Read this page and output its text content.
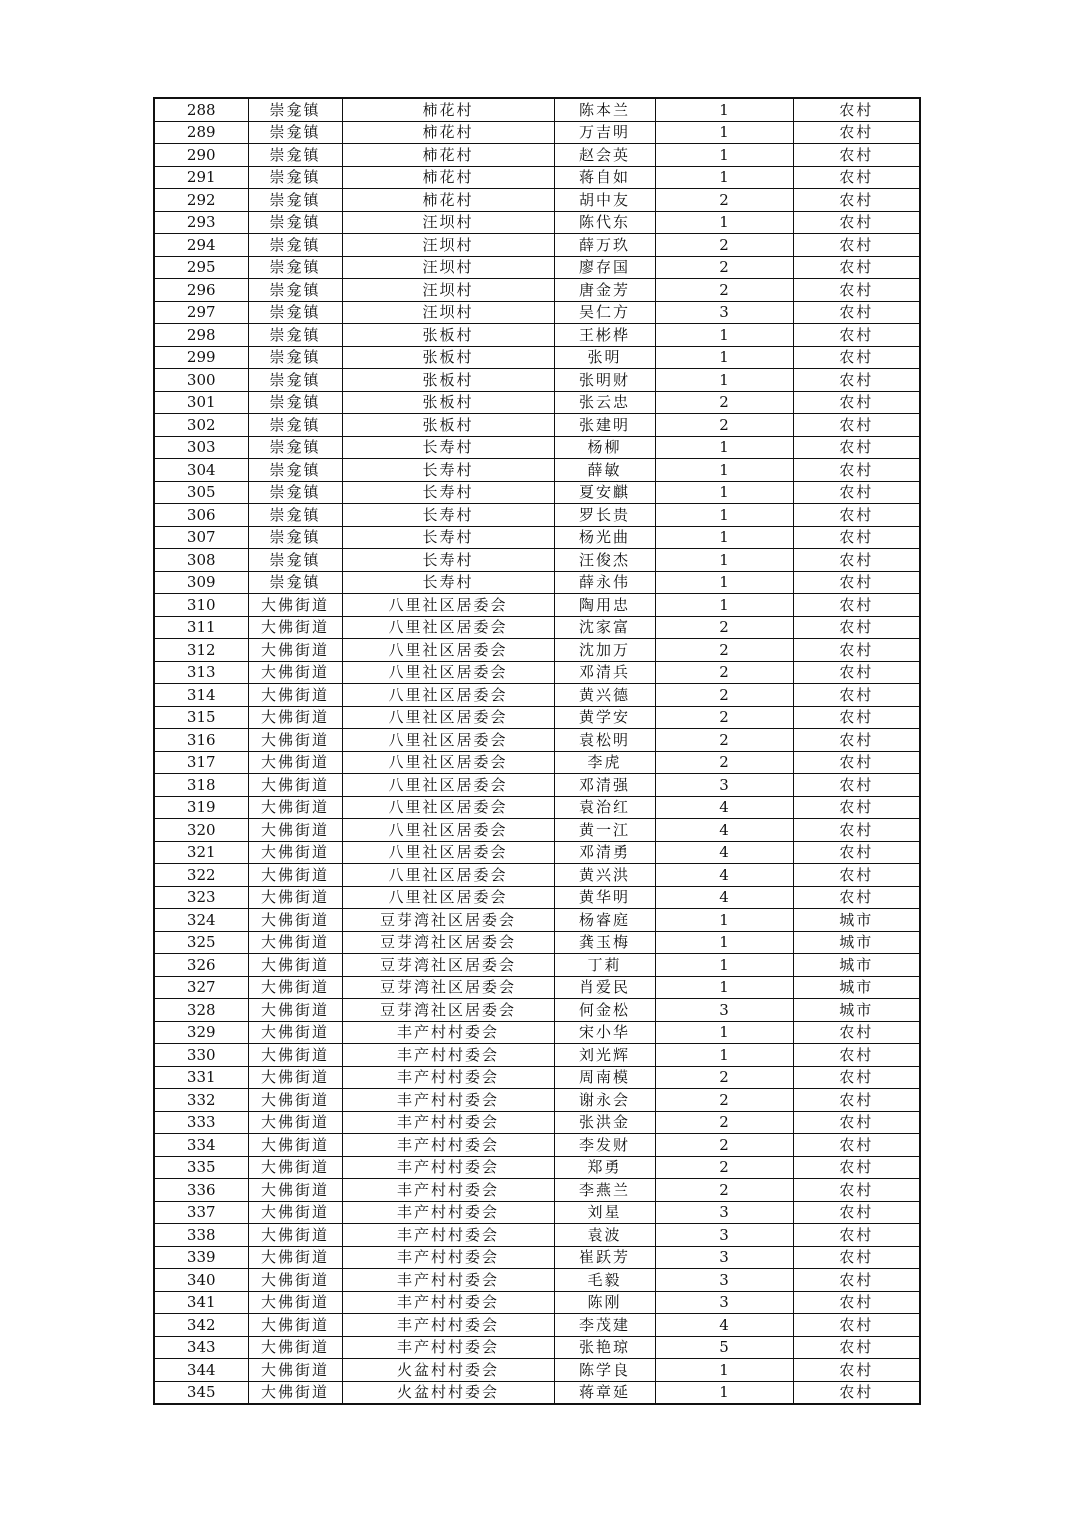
288	崇龛镇	柿花村	陈本兰	1	农村
289	崇龛镇	柿花村	万吉明	1	农村
290	崇龛镇	柿花村	赵会英	1	农村
291	崇龛镇	柿花村	蒋自如	1	农村
292	崇龛镇	柿花村	胡中友	2	农村
293	崇龛镇	汪坝村	陈代东	1	农村
294	崇龛镇	汪坝村	薛万玖	2	农村
295	崇龛镇	汪坝村	廖存国	2	农村
296	崇龛镇	汪坝村	唐金芳	2	农村
297	崇龛镇	汪坝村	吴仁方	3	农村
298	崇龛镇	张板村	王彬桦	1	农村
299	崇龛镇	张板村	张明	1	农村
300	崇龛镇	张板村	张明财	1	农村
301	崇龛镇	张板村	张云忠	2	农村
302	崇龛镇	张板村	张建明	2	农村
303	崇龛镇	长寿村	杨柳	1	农村
304	崇龛镇	长寿村	薛敏	1	农村
305	崇龛镇	长寿村	夏安麒	1	农村
306	崇龛镇	长寿村	罗长贵	1	农村
307	崇龛镇	长寿村	杨光曲	1	农村
308	崇龛镇	长寿村	汪俊杰	1	农村
309	崇龛镇	长寿村	薛永伟	1	农村
310	大佛街道	八里社区居委会	陶用忠	1	农村
311	大佛街道	八里社区居委会	沈家富	2	农村
312	大佛街道	八里社区居委会	沈加万	2	农村
313	大佛街道	八里社区居委会	邓清兵	2	农村
314	大佛街道	八里社区居委会	黄兴德	2	农村
315	大佛街道	八里社区居委会	黄学安	2	农村
316	大佛街道	八里社区居委会	袁松明	2	农村
317	大佛街道	八里社区居委会	李虎	2	农村
318	大佛街道	八里社区居委会	邓清强	3	农村
319	大佛街道	八里社区居委会	袁治红	4	农村
320	大佛街道	八里社区居委会	黄一江	4	农村
321	大佛街道	八里社区居委会	邓清勇	4	农村
322	大佛街道	八里社区居委会	黄兴洪	4	农村
323	大佛街道	八里社区居委会	黄华明	4	农村
324	大佛街道	豆芽湾社区居委会	杨睿庭	1	城市
325	大佛街道	豆芽湾社区居委会	龚玉梅	1	城市
326	大佛街道	豆芽湾社区居委会	丁莉	1	城市
327	大佛街道	豆芽湾社区居委会	肖爱民	1	城市
328	大佛街道	豆芽湾社区居委会	何金松	3	城市
329	大佛街道	丰产村村委会	宋小华	1	农村
330	大佛街道	丰产村村委会	刘光辉	1	农村
331	大佛街道	丰产村村委会	周南模	2	农村
332	大佛街道	丰产村村委会	谢永会	2	农村
333	大佛街道	丰产村村委会	张洪金	2	农村
334	大佛街道	丰产村村委会	李发财	2	农村
335	大佛街道	丰产村村委会	郑勇	2	农村
336	大佛街道	丰产村村委会	李燕兰	2	农村
337	大佛街道	丰产村村委会	刘星	3	农村
338	大佛街道	丰产村村委会	袁波	3	农村
339	大佛街道	丰产村村委会	崔跃芳	3	农村
340	大佛街道	丰产村村委会	毛毅	3	农村
341	大佛街道	丰产村村委会	陈刚	3	农村
342	大佛街道	丰产村村委会	李茂建	4	农村
343	大佛街道	丰产村村委会	张艳琼	5	农村
344	大佛街道	火盆村村委会	陈学良	1	农村
345	大佛街道	火盆村村委会	蒋章延	1	农村
